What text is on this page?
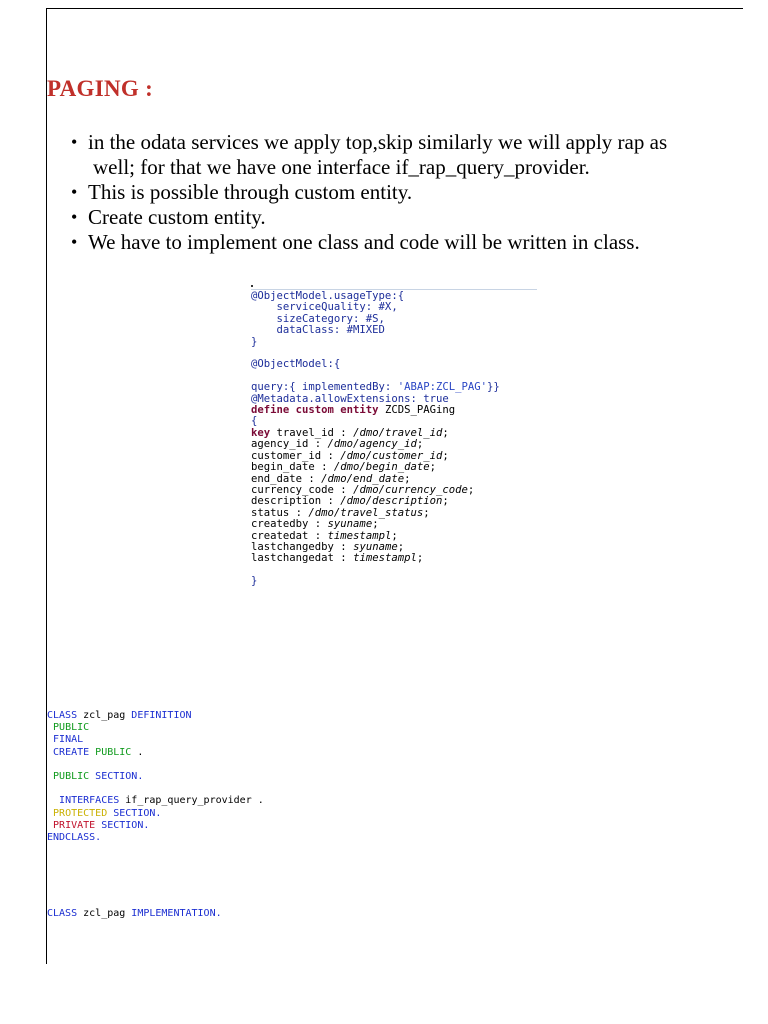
PAGING :
• in the odata services we apply top,skip similarly we will apply rap as
well; for that we have one interface if_rap_query_provider.
• This is possible through custom entity.
• Create custom entity.
• We have to implement one class and code will be written in class.
@ObjectModel.usageType:{
serviceQuality: #X,
sizeCategory: #S,
dataClass: #MIXED
}

@ObjectModel:{

query:{ implementedBy: 'ABAP:ZCL_PAG'}}
@Metadata.allowExtensions: true
define custom entity ZCDS_PAGing
{
key travel_id : /dmo/travel_id;
agency_id : /dmo/agency_id;
customer_id : /dmo/customer_id;
begin_date : /dmo/begin_date;
end_date : /dmo/end_date;
currency_code : /dmo/currency_code;
description : /dmo/description;
status : /dmo/travel_status;
createdby : syuname;
createdat : timestampl;
lastchangedby : syuname;
lastchangedat : timestampl;

}
CLASS zcl_pag DEFINITION
PUBLIC
FINAL
CREATE PUBLIC .

PUBLIC SECTION.

INTERFACES if_rap_query_provider .
PROTECTED SECTION.
PRIVATE SECTION.
ENDCLASS.
CLASS zcl_pag IMPLEMENTATION.
